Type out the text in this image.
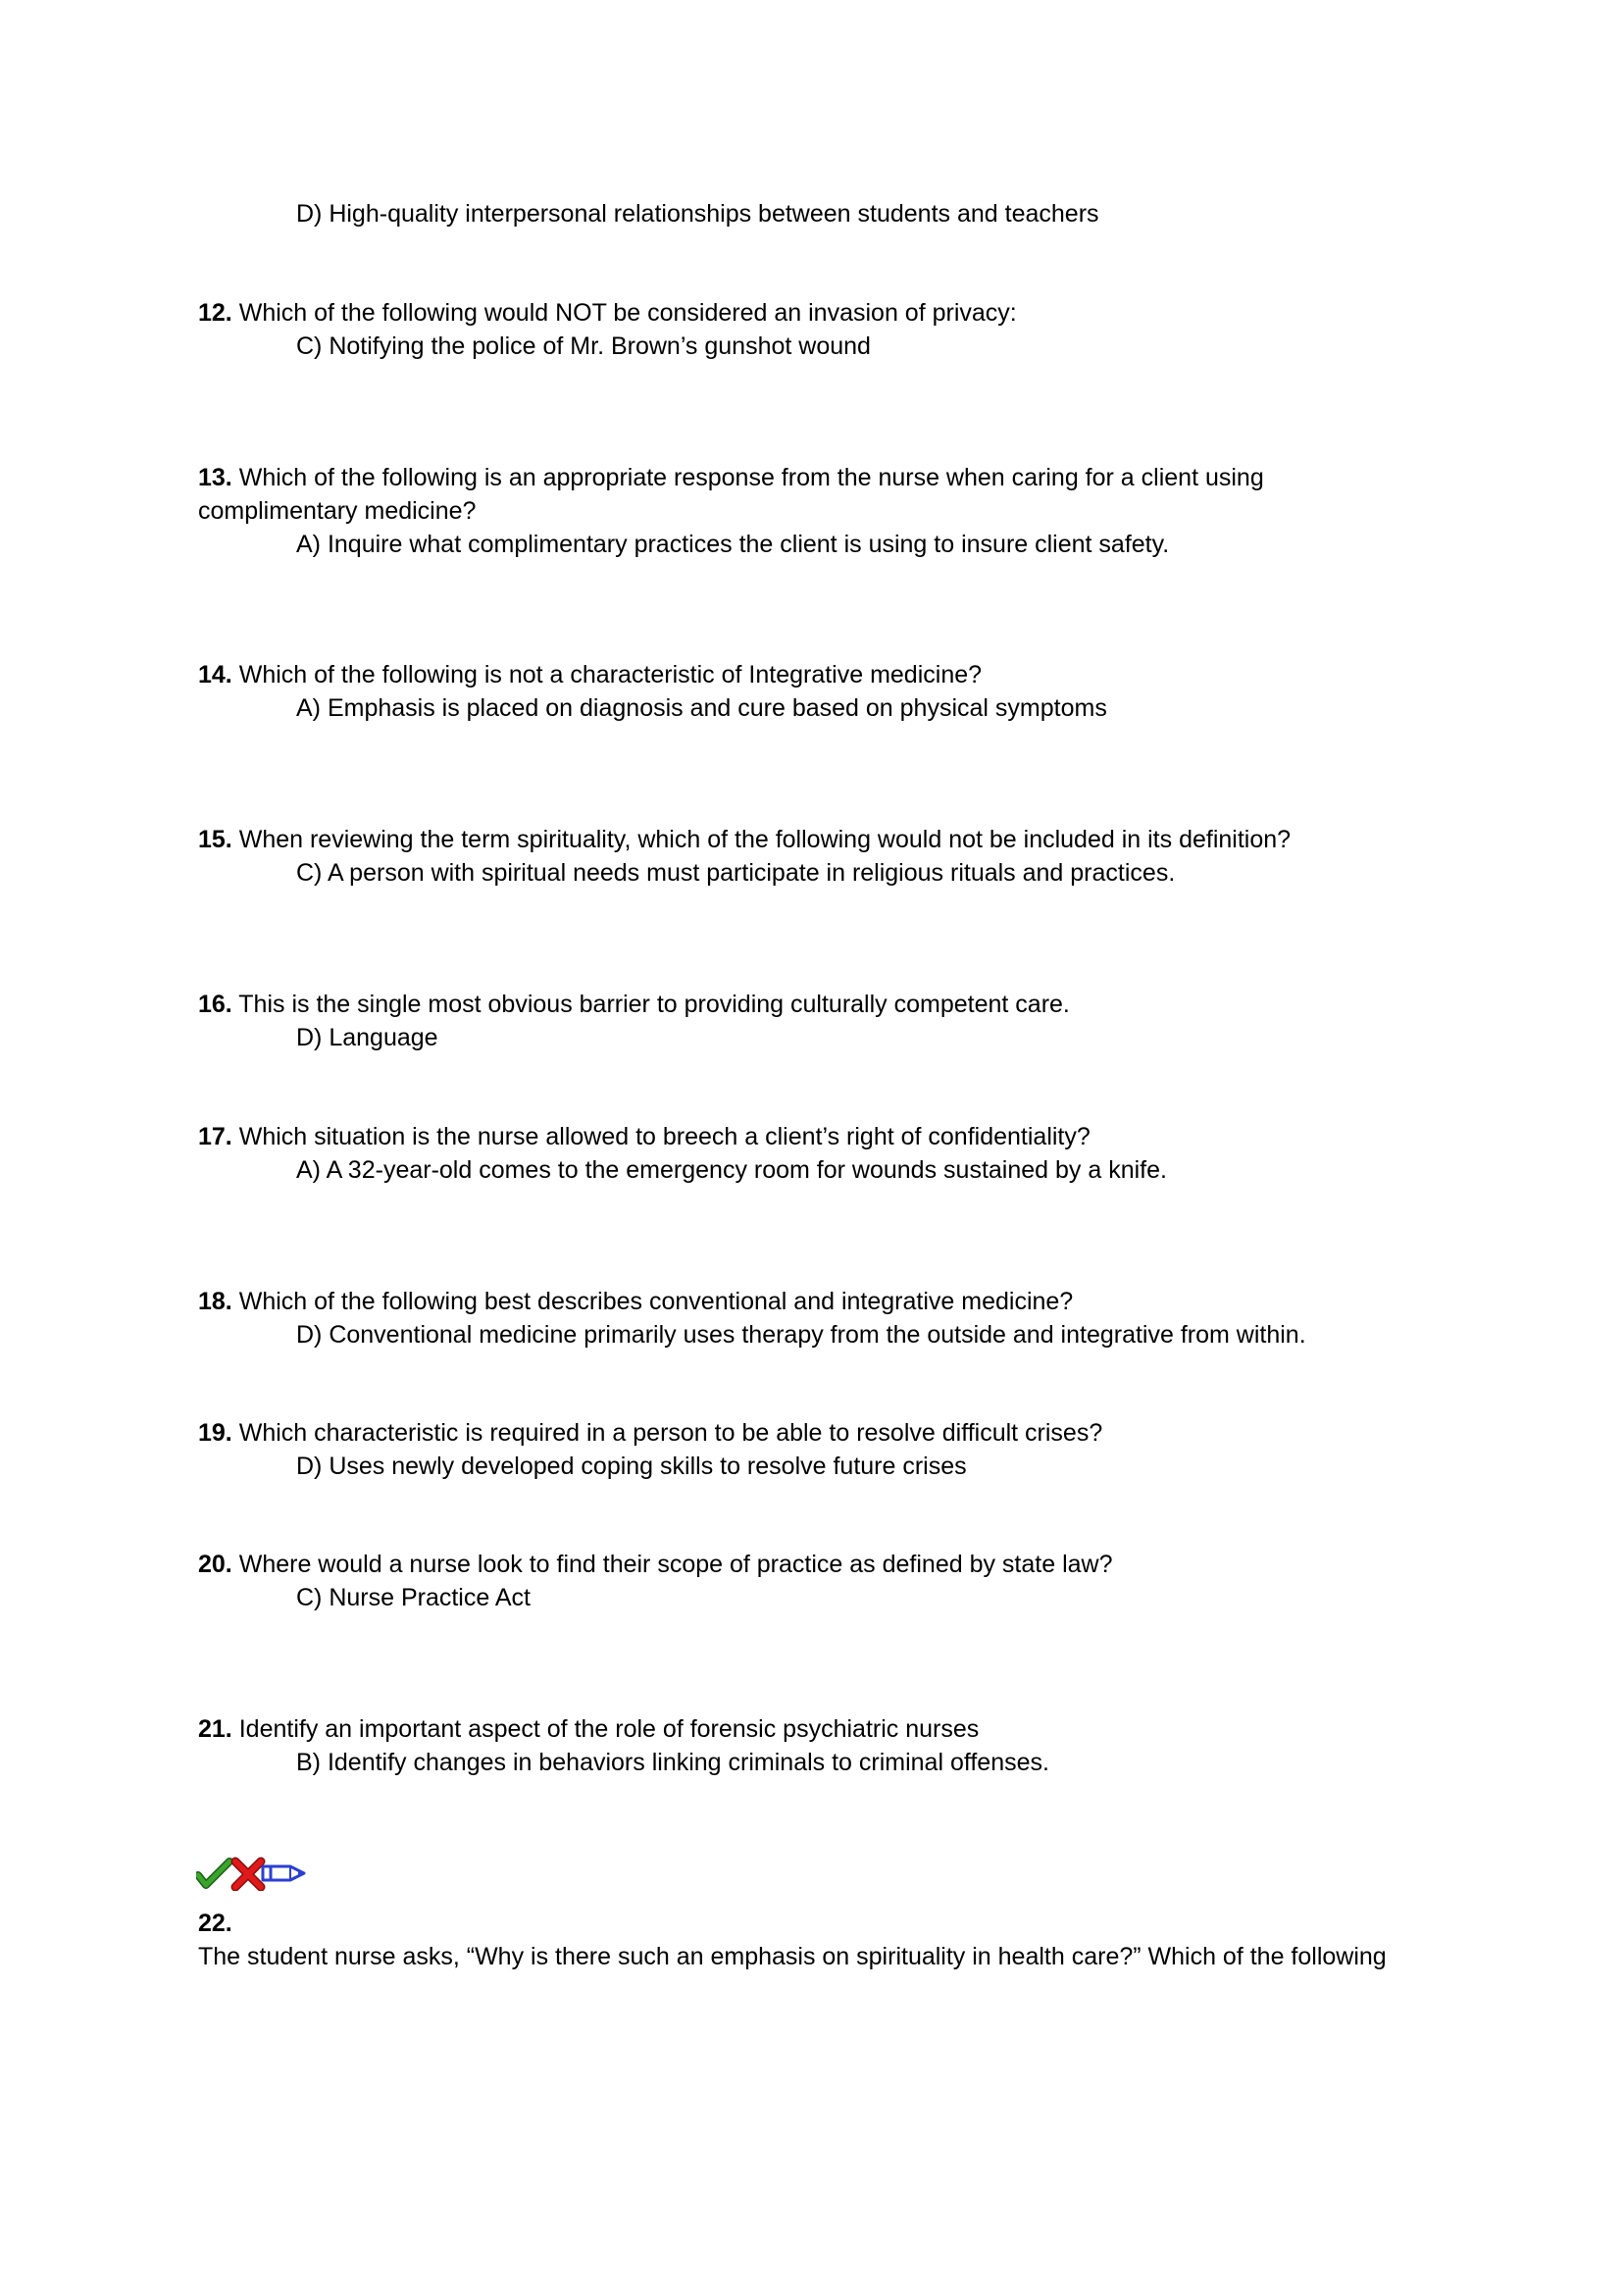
D) High-quality interpersonal relationships between students and teachers
12. Which of the following would NOT be considered an invasion of privacy:
C) Notifying the police of Mr. Brown’s gunshot wound
13. Which of the following is an appropriate response from the nurse when caring for a client using
complimentary medicine?
A) Inquire what complimentary practices the client is using to insure client safety.
14. Which of the following is not a characteristic of Integrative medicine?
A) Emphasis is placed on diagnosis and cure based on physical symptoms
15. When reviewing the term spirituality, which of the following would not be included in its definition?
C) A person with spiritual needs must participate in religious rituals and practices.
16. This is the single most obvious barrier to providing culturally competent care.
D) Language
17. Which situation is the nurse allowed to breech a client’s right of confidentiality?
A) A 32-year-old comes to the emergency room for wounds sustained by a knife.
18. Which of the following best describes conventional and integrative medicine?
D) Conventional medicine primarily uses therapy from the outside and integrative from within.
19. Which characteristic is required in a person to be able to resolve difficult crises?
D) Uses newly developed coping skills to resolve future crises
20. Where would a nurse look to find their scope of practice as defined by state law?
C) Nurse Practice Act
21. Identify an important aspect of the role of forensic psychiatric nurses
B) Identify changes in behaviors linking criminals to criminal offenses.
22.
The student nurse asks, “Why is there such an emphasis on spirituality in health care?” Which of the following
